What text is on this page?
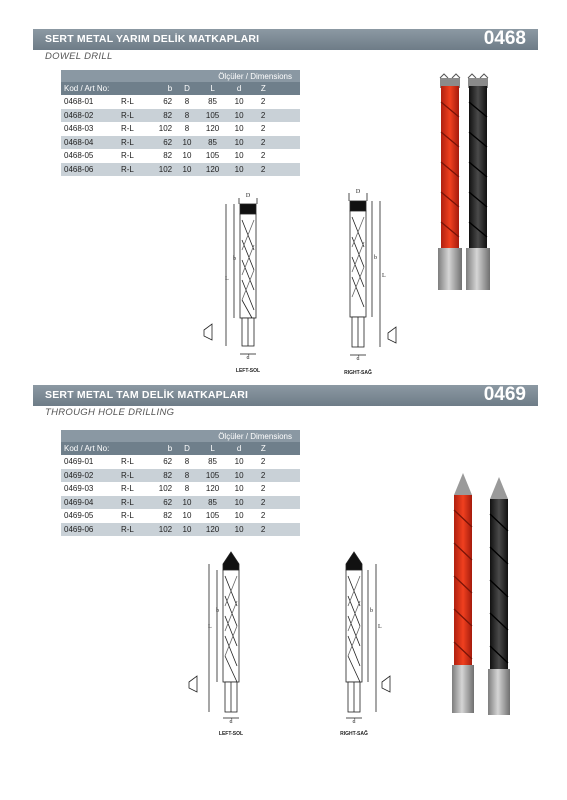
SERT METAL YARIM DELİK MATKAPLARI	0468
DOWEL DRILL
Ölçüler / Dimensions						
Kod / Art No:		b	D	L	d	Z
0468-01	R-L	62	8	85	10	2
0468-02	R-L	82	8	105	10	2
0468-03	R-L	102	8	120	10	2
0468-04	R-L	62	10	85	10	2
0468-05	R-L	82	10	105	10	2
0468-06	R-L	102	10	120	10	2
D
b
L
d
LEFT-SOL
D
b
L
d
RIGHT-SAĞ
SERT METAL TAM DELİK MATKAPLARI	0469
THROUGH HOLE DRILLING
Ölçüler / Dimensions						
Kod / Art No:		b	D	L	d	Z
0469-01	R-L	62	8	85	10	2
0469-02	R-L	82	8	105	10	2
0469-03	R-L	102	8	120	10	2
0469-04	R-L	62	10	85	10	2
0469-05	R-L	82	10	105	10	2
0469-06	R-L	102	10	120	10	2
b
L
d
LEFT-SOL
b
L
d
RIGHT-SAĞ
